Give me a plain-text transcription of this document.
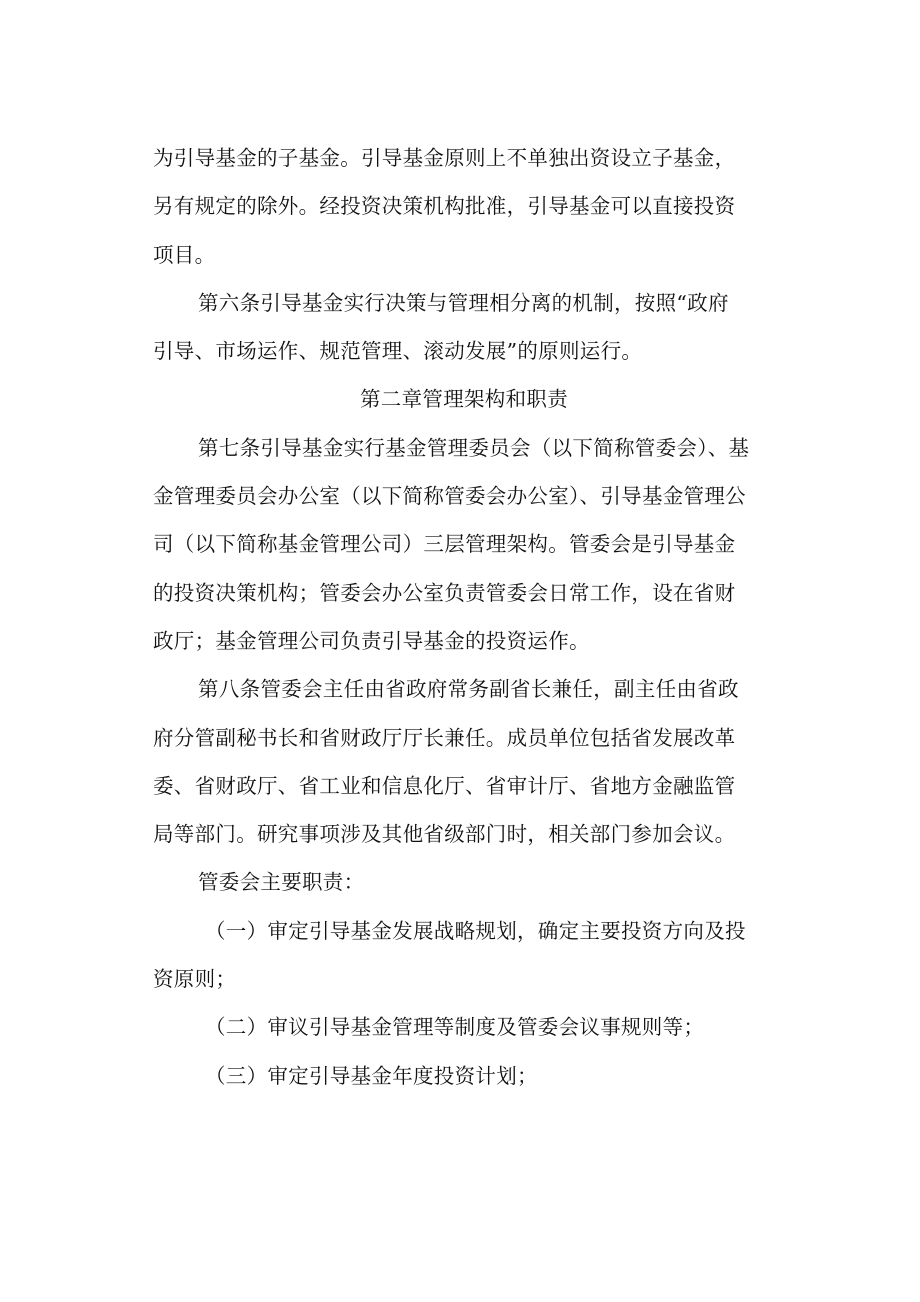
为引导基金的子基金。引导基金原则上不单独出资设立子基金，
另有规定的除外。经投资决策机构批准，引导基金可以直接投资
项目。
第六条引导基金实行决策与管理相分离的机制，按照“政府
引导、市场运作、规范管理、滚动发展”的原则运行。
第二章管理架构和职责
第七条引导基金实行基金管理委员会（以下简称管委会）、基
金管理委员会办公室（以下简称管委会办公室）、引导基金管理公
司（以下简称基金管理公司）三层管理架构。管委会是引导基金
的投资决策机构；管委会办公室负责管委会日常工作，设在省财
政厅；基金管理公司负责引导基金的投资运作。
第八条管委会主任由省政府常务副省长兼任，副主任由省政
府分管副秘书长和省财政厅厅长兼任。成员单位包括省发展改革
委、省财政厅、省工业和信息化厅、省审计厅、省地方金融监管
局等部门。研究事项涉及其他省级部门时，相关部门参加会议。
管委会主要职责：
（一）审定引导基金发展战略规划，确定主要投资方向及投
资原则；
（二）审议引导基金管理等制度及管委会议事规则等；
（三）审定引导基金年度投资计划；
